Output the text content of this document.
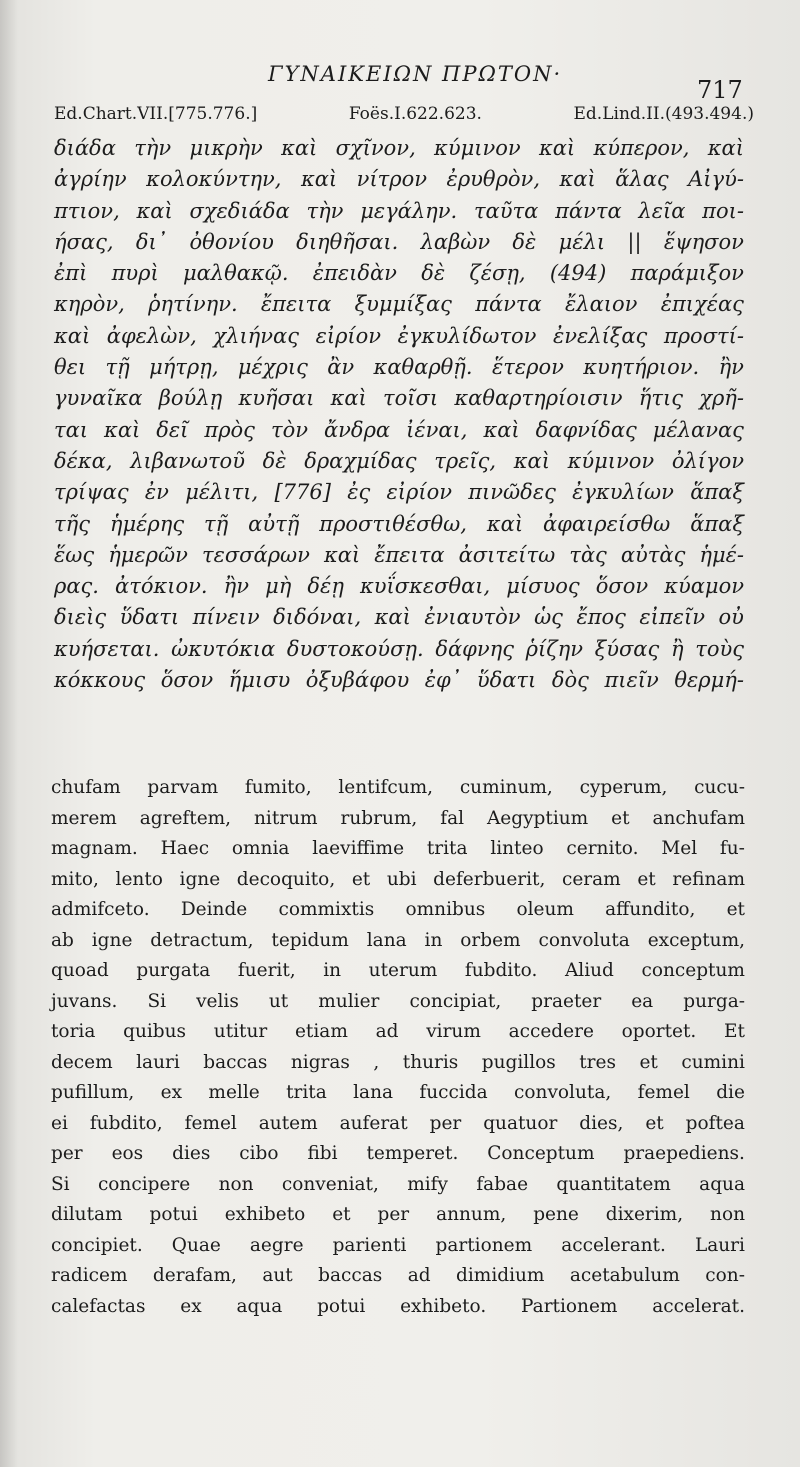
ΓΥΝΑΙΚΕΙΩΝ ΠΡΩΤΟΝ·
717
Ed.Chart.VII.[775.776.]	Foës.I.622.623.	Ed.Lind.II.(493.494.)
διάδα τὴν μικρὴν καὶ σχῖνον, κύμινον καὶ κύπερον, καὶ
ἀγρίην κολοκύντην, καὶ νίτρον ἐρυθρὸν, καὶ ἅλας Αἰγύ-
πτιον, καὶ σχεδιάδα τὴν μεγάλην. ταῦτα πάντα λεῖα ποι-
ήσας, δι᾽ ὀθονίου διηθῆσαι. λαβὼν δὲ μέλι || ἕψησον
ἐπὶ πυρὶ μαλθακῷ. ἐπειδὰν δὲ ζέσῃ, (494) παράμιξον
κηρὸν, ῥητίνην. ἔπειτα ξυμμίξας πάντα ἔλαιον ἐπιχέας
καὶ ἀφελὼν, χλιήνας εἰρίον ἐγκυλίδωτον ἐνελίξας προστί-
θει τῇ μήτρῃ, μέχρις ἂν καθαρθῇ. ἕτερον κυητήριον. ἢν
γυναῖκα βούλῃ κυῆσαι καὶ τοῖσι καθαρτηρίοισιν ἥτις χρῆ-
ται καὶ δεῖ πρὸς τὸν ἄνδρα ἰέναι, καὶ δαφνίδας μέλανας
δέκα, λιβανωτοῦ δὲ δραχμίδας τρεῖς, καὶ κύμινον ὀλίγον
τρίψας ἐν μέλιτι, [776] ἐς εἰρίον πινῶδες ἐγκυλίων ἅπαξ
τῆς ἡμέρης τῇ αὐτῇ προστιθέσθω, καὶ ἀφαιρείσθω ἅπαξ
ἕως ἡμερῶν τεσσάρων καὶ ἔπειτα ἀσιτείτω τὰς αὐτὰς ἡμέ-
ρας. ἀτόκιον. ἢν μὴ δέῃ κυΐσκεσθαι, μίσυος ὅσον κύαμον
διεὶς ὕδατι πίνειν διδόναι, καὶ ἐνιαυτὸν ὡς ἔπος εἰπεῖν οὐ
κυήσεται. ὠκυτόκια δυστοκούσῃ. δάφνης ῥίζην ξύσας ἢ τοὺς
κόκκους ὅσον ἥμισυ ὀξυβάφου ἐφ᾽ ὕδατι δὸς πιεῖν θερμή-
chufam parvam fumito, lentifcum, cuminum, cyperum, cucu-
merem agreftem, nitrum rubrum, fal Aegyptium et anchufam
magnam. Haec omnia laeviffime trita linteo cernito. Mel fu-
mito, lento igne decoquito, et ubi deferbuerit, ceram et refinam
admifceto. Deinde commixtis omnibus oleum affundito, et
ab igne detractum, tepidum lana in orbem convoluta exceptum,
quoad purgata fuerit, in uterum fubdito. Aliud conceptum
juvans. Si velis ut mulier concipiat, praeter ea purga-
toria quibus utitur etiam ad virum accedere oportet. Et
decem lauri baccas nigras , thuris pugillos tres et cumini
pufillum, ex melle trita lana fuccida convoluta, femel die
ei fubdito, femel autem auferat per quatuor dies, et poftea
per eos dies cibo fibi temperet. Conceptum praepediens.
Si concipere non conveniat, mify fabae quantitatem aqua
dilutam potui exhibeto et per annum, pene dixerim, non
concipiet. Quae aegre parienti partionem accelerant. Lauri
radicem derafam, aut baccas ad dimidium acetabulum con-
calefactas ex aqua potui exhibeto. Partionem accelerat.
